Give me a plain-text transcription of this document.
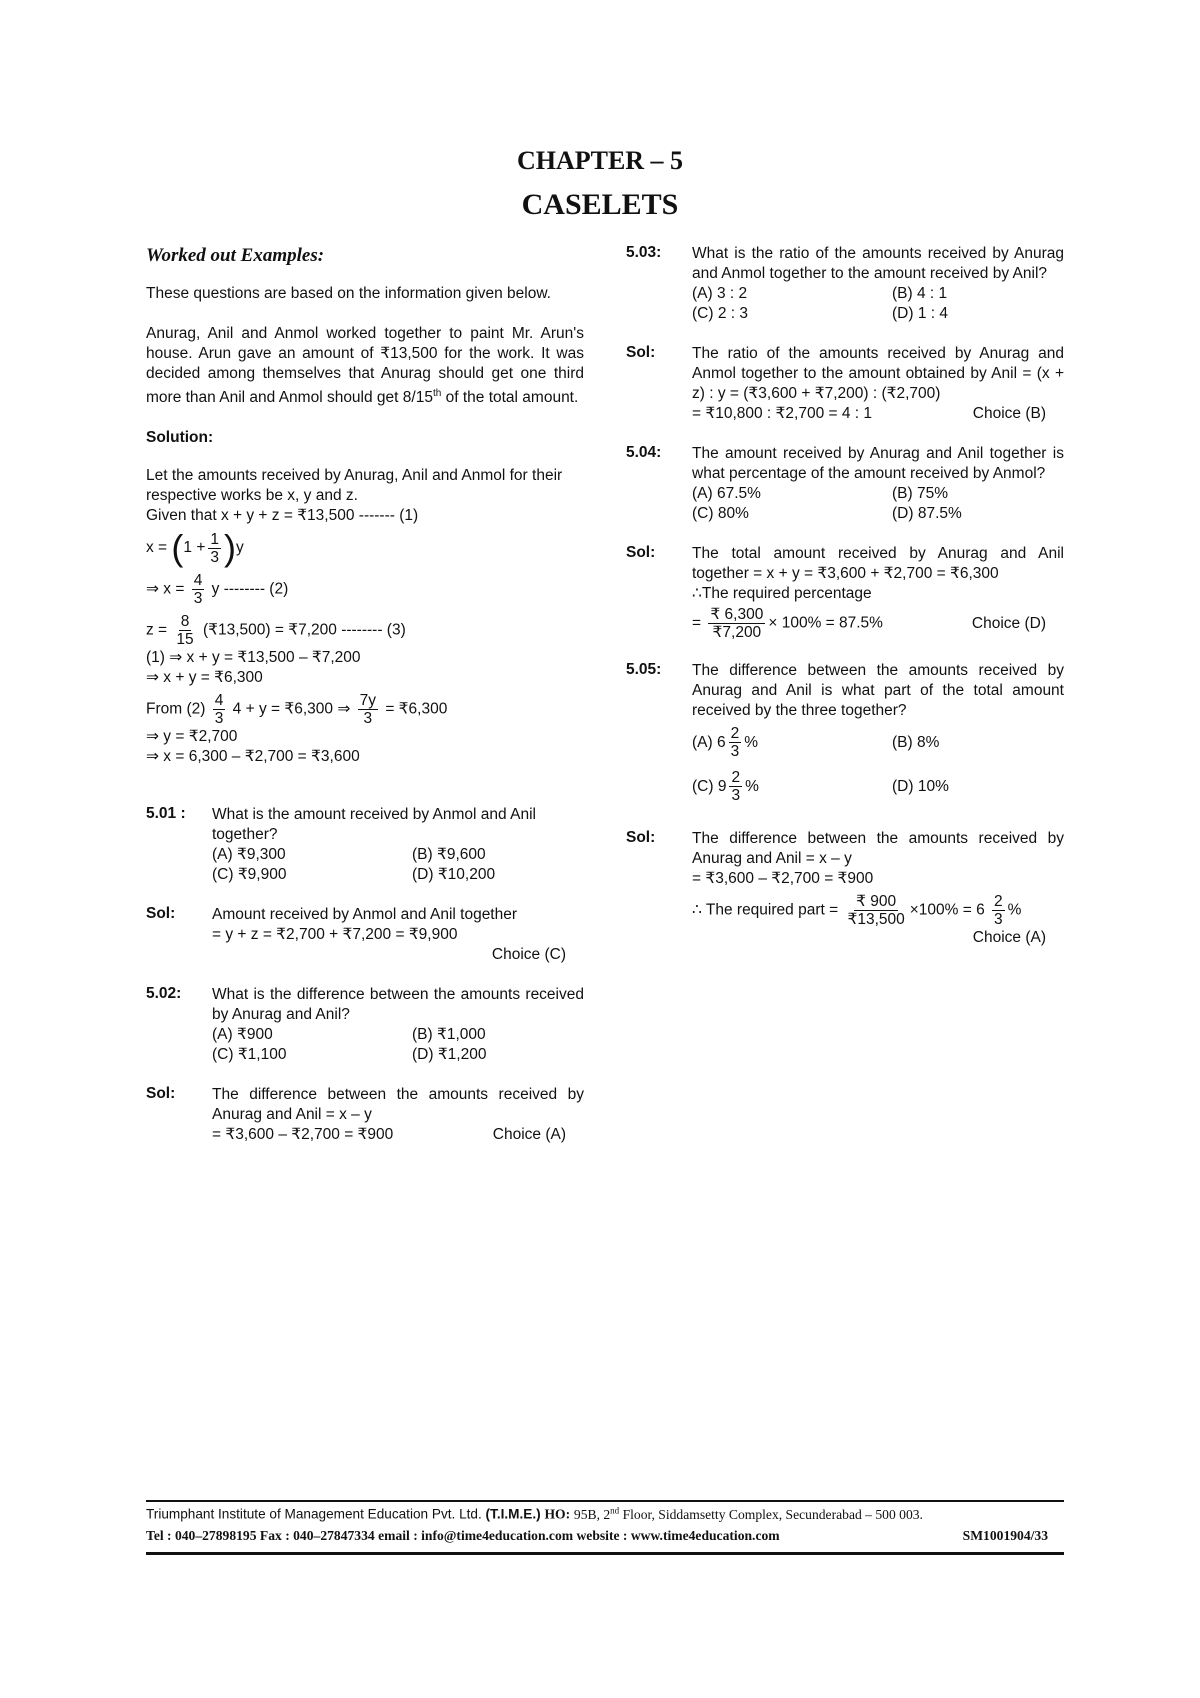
CHAPTER – 5
CASELETS

Worked out Examples:

These questions are based on the information given below.

Anurag, Anil and Anmol worked together to paint Mr. Arun's house. Arun gave an amount of ₹13,500 for the work. It was decided among themselves that Anurag should get one third more than Anil and Anmol should get 8/15th of the total amount.

Solution:

Let the amounts received by Anurag, Anil and Anmol for their respective works be x, y and z.

Given that x + y + z = ₹13,500 ------- (1)

$x = (1 + \frac{1}{3} )y$
⇒ $x = \frac{4}{3}$ y -------- (2)
$z = \frac{8}{15}$ (₹13,500) = ₹7,200 -------- (3)

(1) ⇒ x + y = ₹13,500 – ₹7,200

⇒ x + y = ₹6,300

From $(2) \frac{4}{3} 4 + y$ = ₹6,300 ⇒ $\frac{7y}{3}$ = ₹6,300

⇒ y = ₹2,700

⇒ x = 6,300 – ₹2,700 = ₹3,600

5.01 :	What is the amount received by Anmol and Anil together?

(A) ₹9,300	(B) ₹9,600
(C) ₹9,900	(D) ₹10,200
Sol:	Amount received by Anmol and Anil together

= y + z = ₹2,700 + ₹7,200 = ₹9,900

Choice (C)

5.02:	What is the difference between the amounts received by Anurag and Anil?

(A) ₹900	(B) ₹1,000
(C) ₹1,100	(D) ₹1,200
Sol:	The difference between the amounts received by Anurag and Anil = x – y

= ₹3,600 – ₹2,700 = ₹900	Choice (A)

5.03:	What is the ratio of the amounts received by Anurag and Anmol together to the amount received by Anil?

(A) 3 : 2	(B) 4 : 1
(C) 2 : 3	(D) 1 : 4
Sol:	The ratio of the amounts received by Anurag and Anmol together to the amount obtained by Anil = (x + z) : y = (₹3,600 + ₹7,200) : (₹2,700)

= ₹10,800 : ₹2,700 = 4 : 1	Choice (B)

5.04:	The amount received by Anurag and Anil together is what percentage of the amount received by Anmol?

(A) 67.5%	(B) 75%
(C) 80%	(D) 87.5%
Sol:	The total amount received by Anurag and Anil together = x + y = ₹3,600 + ₹2,700 = ₹6,300

∴The required percentage

= $\frac{₹ 6,300}{₹7,200} \times 100\% = 87.5\%$	Choice (D)
5.05:	The difference between the amounts received by Anurag and Anil is what part of the total amount received by the three together?

(A) $6 \frac{2}{3}$ %	(B) 8%
(C) $9 \frac{2}{3}$ %	(D) 10%
Sol:	The difference between the amounts received by Anurag and Anil = x – y

= ₹3,600 – ₹2,700 = ₹900

∴ The required part = $\frac{₹ 900}{₹13,500} \times 100\% = 6 \frac{2}{3}$ %

Choice (A)

Triumphant Institute of Management Education Pvt. Ltd. (T.I.M.E.) HO: 95B, 2nd Floor, Siddamsetty Complex, Secunderabad – 500 003.
Tel : 040–27898195 Fax : 040–27847334 email : info@time4education.com website : www.time4education.com	SM1001904/33
